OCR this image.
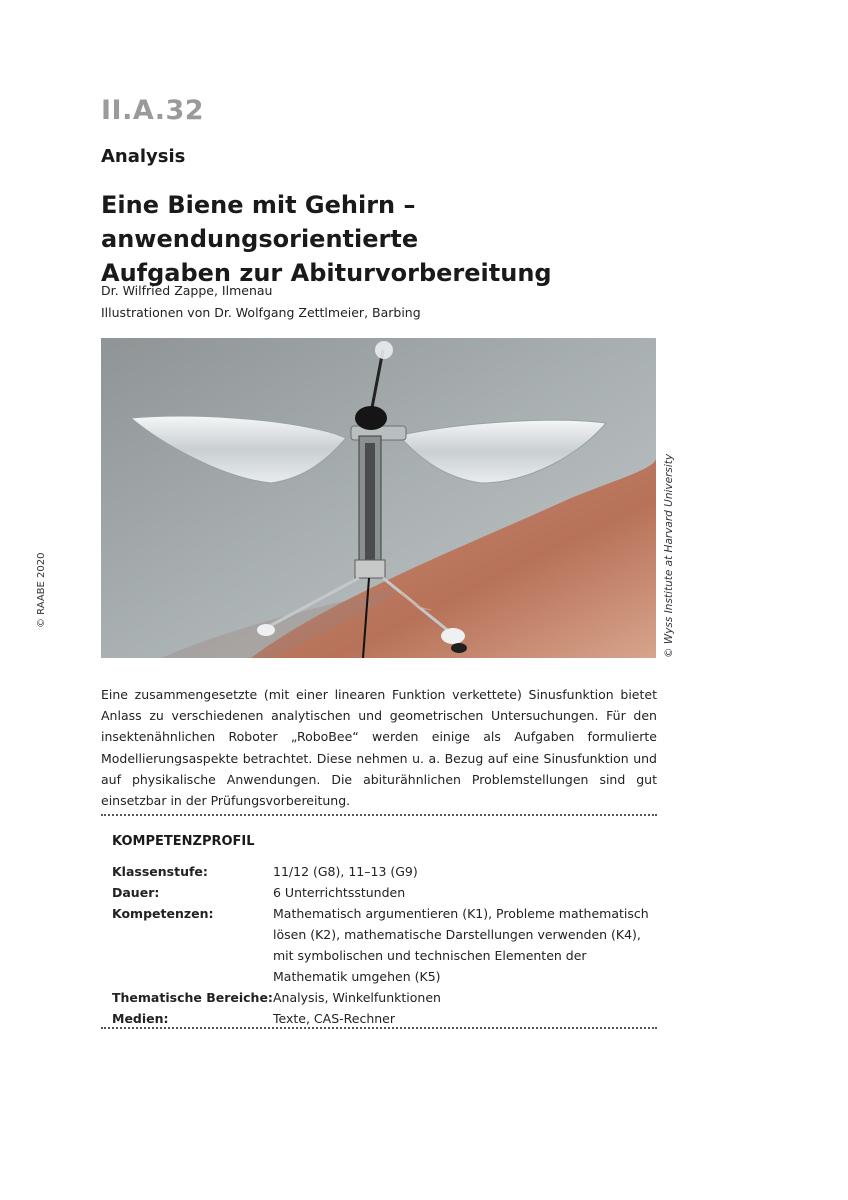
II.A.32
Analysis
Eine Biene mit Gehirn – anwendungsorientierte
Aufgaben zur Abiturvorbereitung
Dr. Wilfried Zappe, Ilmenau
Illustrationen von Dr. Wolfgang Zettlmeier, Barbing
© Wyss Institute at Harvard University
© RAABE 2020

Eine zusammengesetzte (mit einer linearen Funktion verkettete) Sinusfunktion bietet Anlass zu verschiedenen analytischen und geometrischen Untersuchungen. Für den insektenähnlichen Roboter „RoboBee“ werden einige als Aufgaben formulierte Modellierungsaspekte betrachtet. Diese nehmen u. a. Bezug auf eine Sinusfunktion und auf physikalische Anwendungen. Die abiturähnlichen Problemstellungen sind gut einsetzbar in der Prüfungsvorbereitung.

KOMPETENZPROFIL
Klassenstufe:	11/12 (G8), 11–13 (G9)
Dauer:	6 Unterrichtsstunden
Kompetenzen:	Mathematisch argumentieren (K1), Probleme mathematisch lösen (K2), mathematische Darstellungen verwenden (K4), mit symbolischen und technischen Elementen der Mathematik umgehen (K5)
Thematische Bereiche: Analysis, Winkelfunktionen
Medien:	Texte, CAS-Rechner
